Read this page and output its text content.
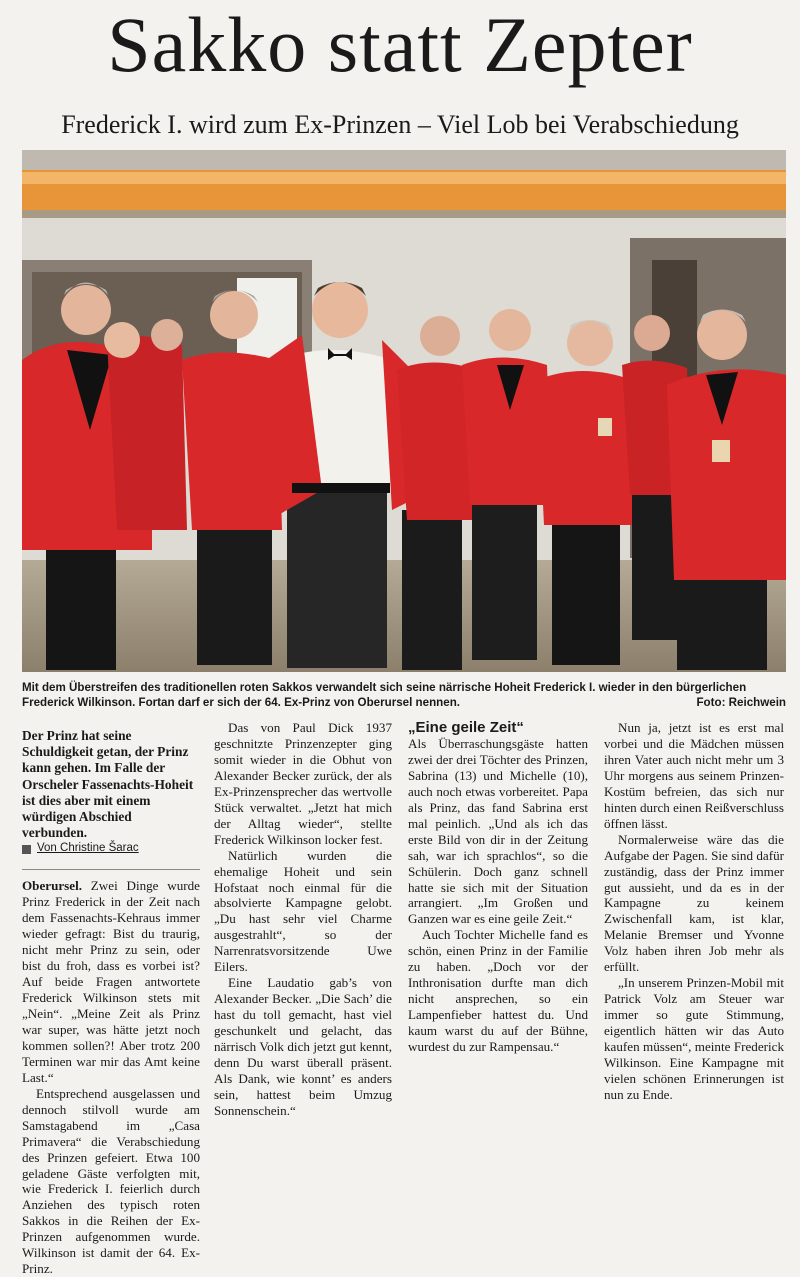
Sakko statt Zepter
Frederick I. wird zum Ex-Prinzen – Viel Lob bei Verabschiedung
Mit dem Überstreifen des traditionellen roten Sakkos verwandelt sich seine närrische Hoheit Frederick I. wieder in den bürgerlichen Frederick Wilkinson. Fortan darf er sich der 64. Ex-Prinz von Oberursel nennen.	Foto: Reichwein

Der Prinz hat seine Schuldigkeit getan, der Prinz kann gehen. Im Falle der Orscheler Fassenachts-Hoheit ist dies aber mit einem würdigen Abschied verbunden.

Von Christine Šarac

Oberursel. Zwei Dinge wurde Prinz Frederick in der Zeit nach dem Fassenachts-Kehraus immer wieder gefragt: Bist du traurig, nicht mehr Prinz zu sein, oder bist du froh, dass es vorbei ist? Auf beide Fragen antwortete Frederick Wilkinson stets mit „Nein“. „Meine Zeit als Prinz war super, was hätte jetzt noch kommen sollen?! Aber trotz 200 Terminen war mir das Amt keine Last.“

Entsprechend ausgelassen und dennoch stilvoll wurde am Samstagabend im „Casa Primavera“ die Verabschiedung des Prinzen gefeiert. Etwa 100 geladene Gäste verfolgten mit, wie Frederick I. feierlich durch Anziehen des typisch roten Sakkos in die Reihen der Ex-Prinzen aufgenommen wurde. Wilkinson ist damit der 64. Ex-Prinz.

Das von Paul Dick 1937 geschnitzte Prinzenzepter ging somit wieder in die Obhut von Alexander Becker zurück, der als Ex-Prinzensprecher das wertvolle Stück verwaltet. „Jetzt hat mich der Alltag wieder“, stellte Frederick Wilkinson locker fest.

Natürlich wurden die ehemalige Hoheit und sein Hofstaat noch einmal für die absolvierte Kampagne gelobt. „Du hast sehr viel Charme ausgestrahlt“, so der Narrenratsvorsitzende Uwe Eilers.

Eine Laudatio gab’s von Alexander Becker. „Die Sach’ die hast du toll gemacht, hast viel geschunkelt und gelacht, das närrisch Volk dich jetzt gut kennt, denn Du warst überall präsent. Als Dank, wie konnt’ es anders sein, hattest beim Umzug Sonnenschein.“

„Eine geile Zeit“

Als Überraschungsgäste hatten zwei der drei Töchter des Prinzen, Sabrina (13) und Michelle (10), auch noch etwas vorbereitet. Papa als Prinz, das fand Sabrina erst mal peinlich. „Und als ich das erste Bild von dir in der Zeitung sah, war ich sprachlos“, so die Schülerin. Doch ganz schnell hatte sie sich mit der Situation arrangiert. „Im Großen und Ganzen war es eine geile Zeit.“

Auch Tochter Michelle fand es schön, einen Prinz in der Familie zu haben. „Doch vor der Inthronisation durfte man dich nicht ansprechen, so ein Lampenfieber hattest du. Und kaum warst du auf der Bühne, wurdest du zur Rampensau.“

Nun ja, jetzt ist es erst mal vorbei und die Mädchen müssen ihren Vater auch nicht mehr um 3 Uhr morgens aus seinem Prinzen-Kostüm befreien, das sich nur hinten durch einen Reißverschluss öffnen lässt.

Normalerweise wäre das die Aufgabe der Pagen. Sie sind dafür zuständig, dass der Prinz immer gut aussieht, und da es in der Kampagne zu keinem Zwischenfall kam, ist klar, Melanie Bremser und Yvonne Volz haben ihren Job mehr als erfüllt.

„In unserem Prinzen-Mobil mit Patrick Volz am Steuer war immer so gute Stimmung, eigentlich hätten wir das Auto kaufen müssen“, meinte Frederick Wilkinson. Eine Kampagne mit vielen schönen Erinnerungen ist nun zu Ende.
